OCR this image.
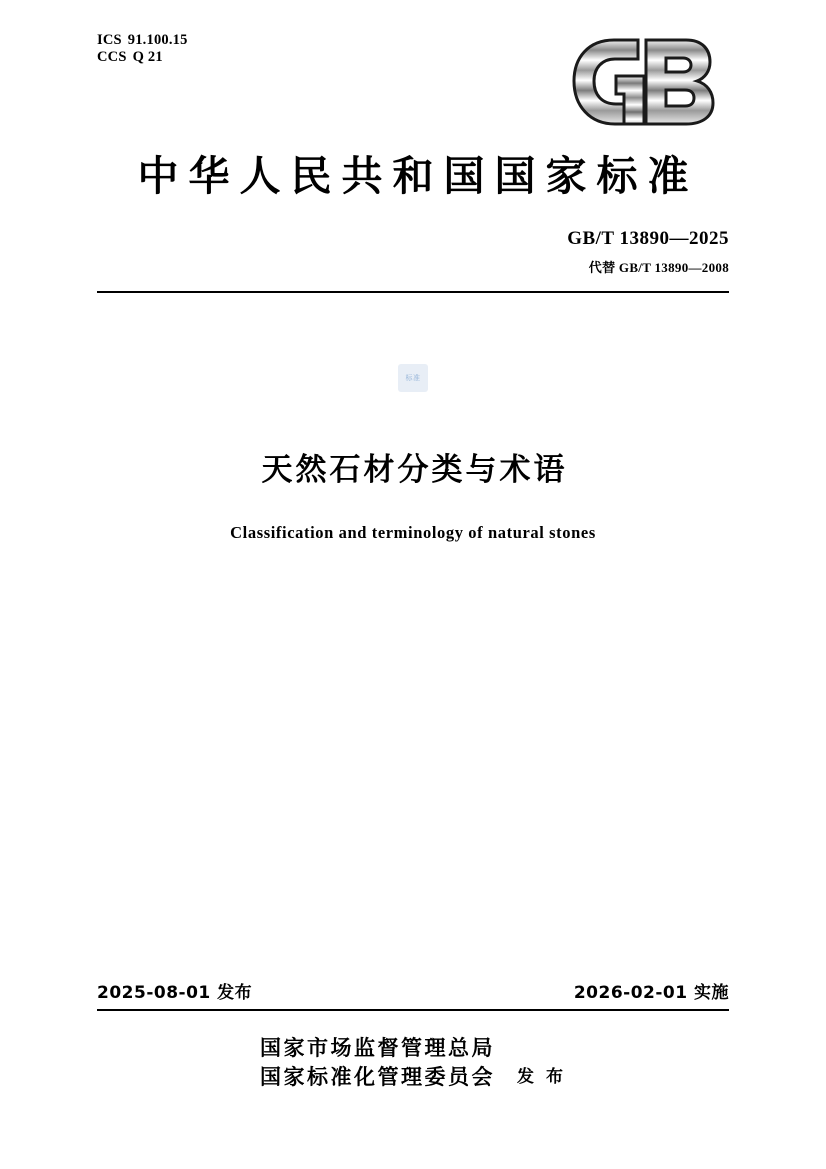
ICS 91.100.15
CCS Q 21
中华人民共和国国家标准
GB/T 13890—2025
代替 GB/T 13890—2008
标准
天然石材分类与术语
Classification and terminology of natural stones
2025-08-01 发布	2026-02-01 实施
国家市场监督管理总局
国家标准化管理委员会 发 布
